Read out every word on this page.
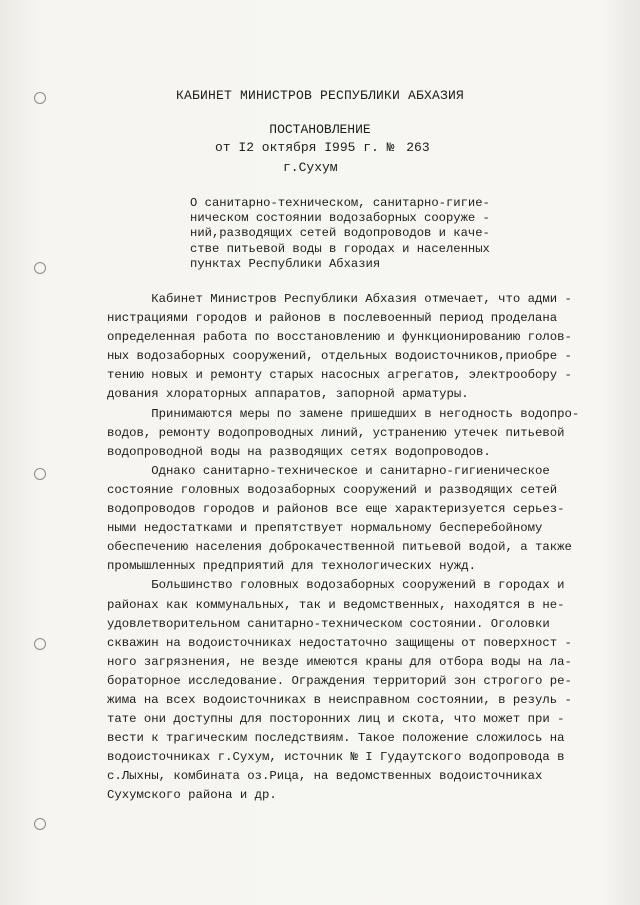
КАБИНЕТ МИНИСТРОВ РЕСПУБЛИКИ АБХАЗИЯ
ПОСТАНОВЛЕНИЕ
от I2 октября I995 г. № 263
г.Сухум
О санитарно-техническом, санитарно-гигие-
ническом состоянии водозаборных сооруже -
ний,разводящих сетей водопроводов и каче-
стве питьевой воды в городах и населенных
пунктах Республики Абхазия
Кабинет Министров Республики Абхазия отмечает, что адми -
нистрациями городов и районов в послевоенный период проделана
определенная работа по восстановлению и функционированию голов-
ных водозаборных сооружений, отдельных водоисточников,приобре -
тению новых и ремонту старых насосных агрегатов, электрообору -
дования хлораторных аппаратов, запорной арматуры.
Принимаются меры по замене пришедших в негодность водопро-
водов, ремонту водопроводных линий, устранению утечек питьевой
водопроводной воды на разводящих сетях водопроводов.
Однако санитарно-техническое и санитарно-гигиеническое
состояние головных водозаборных сооружений и разводящих сетей
водопроводов городов и районов все еще характеризуется серьез-
ными недостатками и препятствует нормальному бесперебойному
обеспечению населения доброкачественной питьевой водой, а также
промышленных предприятий для технологических нужд.
Большинство головных водозаборных сооружений в городах и
районах как коммунальных, так и ведомственных, находятся в не-
удовлетворительном санитарно-техническом состоянии. Оголовки
скважин на водоисточниках недостаточно защищены от поверхност -
ного загрязнения, не везде имеются краны для отбора воды на ла-
бораторное исследование. Ограждения территорий зон строгого ре-
жима на всех водоисточниках в неисправном состоянии, в резуль -
тате они доступны для посторонних лиц и скота, что может при -
вести к трагическим последствиям. Такое положение сложилось на
водоисточниках г.Сухум, источник № I Гудаутского водопровода в
с.Лыхны, комбината оз.Рица, на ведомственных водоисточниках
Сухумского района и др.
